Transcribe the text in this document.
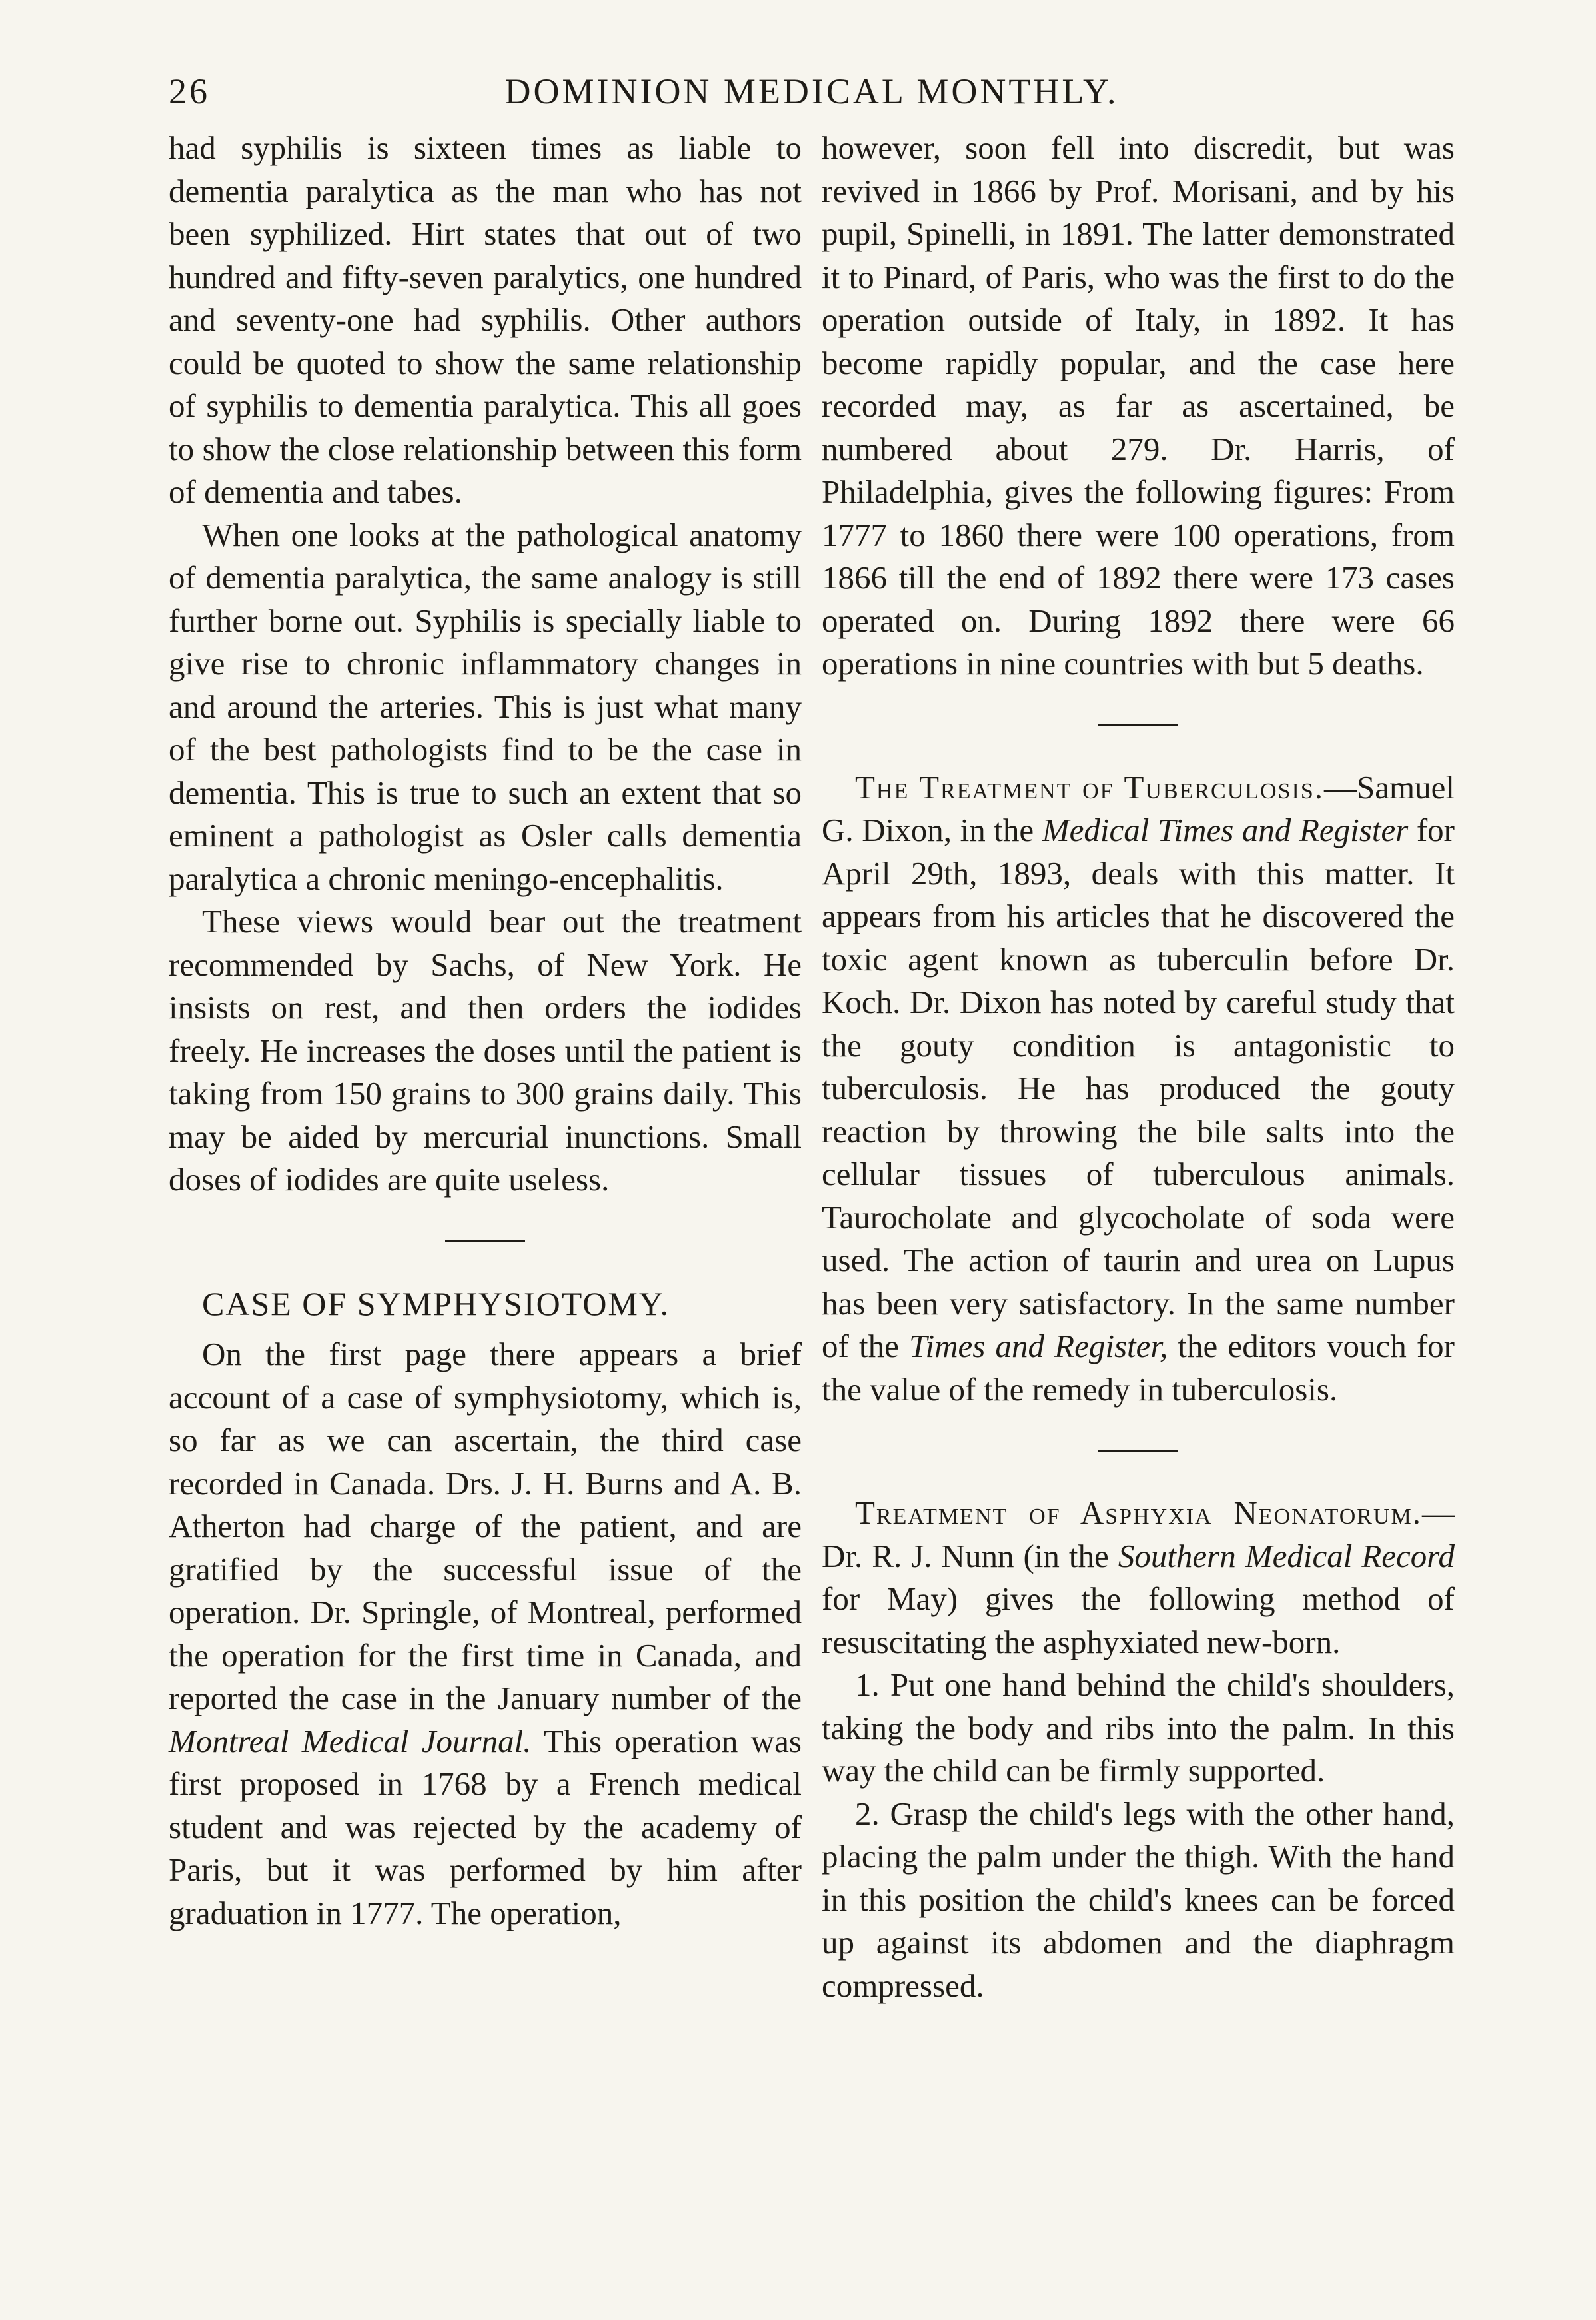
26	DOMINION MEDICAL MONTHLY.

had syphilis is sixteen times as liable to dementia paralytica as the man who has not been syphilized. Hirt states that out of two hundred and fifty-seven paralytics, one hundred and seventy-one had syphilis. Other authors could be quoted to show the same relationship of syphilis to dementia paralytica. This all goes to show the close relationship between this form of dementia and tabes.

When one looks at the pathological anatomy of dementia paralytica, the same analogy is still further borne out. Syphilis is specially liable to give rise to chronic inflammatory changes in and around the arteries. This is just what many of the best pathologists find to be the case in dementia. This is true to such an extent that so eminent a pathologist as Osler calls dementia paralytica a chronic meningo-encephalitis.

These views would bear out the treatment recommended by Sachs, of New York. He insists on rest, and then orders the iodides freely. He increases the doses until the patient is taking from 150 grains to 300 grains daily. This may be aided by mercurial inunctions. Small doses of iodides are quite useless.

CASE OF SYMPHYSIOTOMY.

On the first page there appears a brief account of a case of symphysiotomy, which is, so far as we can ascertain, the third case recorded in Canada. Drs. J. H. Burns and A. B. Atherton had charge of the patient, and are gratified by the successful issue of the operation. Dr. Springle, of Montreal, performed the operation for the first time in Canada, and reported the case in the January number of the Montreal Medical Journal. This operation was first proposed in 1768 by a French medical student and was rejected by the academy of Paris, but it was performed by him after graduation in 1777. The operation,

however, soon fell into discredit, but was revived in 1866 by Prof. Morisani, and by his pupil, Spinelli, in 1891. The latter demonstrated it to Pinard, of Paris, who was the first to do the operation outside of Italy, in 1892. It has become rapidly popular, and the case here recorded may, as far as ascertained, be numbered about 279. Dr. Harris, of Philadelphia, gives the following figures: From 1777 to 1860 there were 100 operations, from 1866 till the end of 1892 there were 173 cases operated on. During 1892 there were 66 operations in nine countries with but 5 deaths.

The Treatment of Tuberculosis.—Samuel G. Dixon, in the Medical Times and Register for April 29th, 1893, deals with this matter. It appears from his articles that he discovered the toxic agent known as tuberculin before Dr. Koch. Dr. Dixon has noted by careful study that the gouty condition is antagonistic to tuberculosis. He has produced the gouty reaction by throwing the bile salts into the cellular tissues of tuberculous animals. Taurocholate and glycocholate of soda were used. The action of taurin and urea on Lupus has been very satisfactory. In the same number of the Times and Register, the editors vouch for the value of the remedy in tuberculosis.

Treatment of Asphyxia Neonatorum.—Dr. R. J. Nunn (in the Southern Medical Record for May) gives the following method of resuscitating the asphyxiated new-born.

1. Put one hand behind the child's shoulders, taking the body and ribs into the palm. In this way the child can be firmly supported.

2. Grasp the child's legs with the other hand, placing the palm under the thigh. With the hand in this position the child's knees can be forced up against its abdomen and the diaphragm compressed.
